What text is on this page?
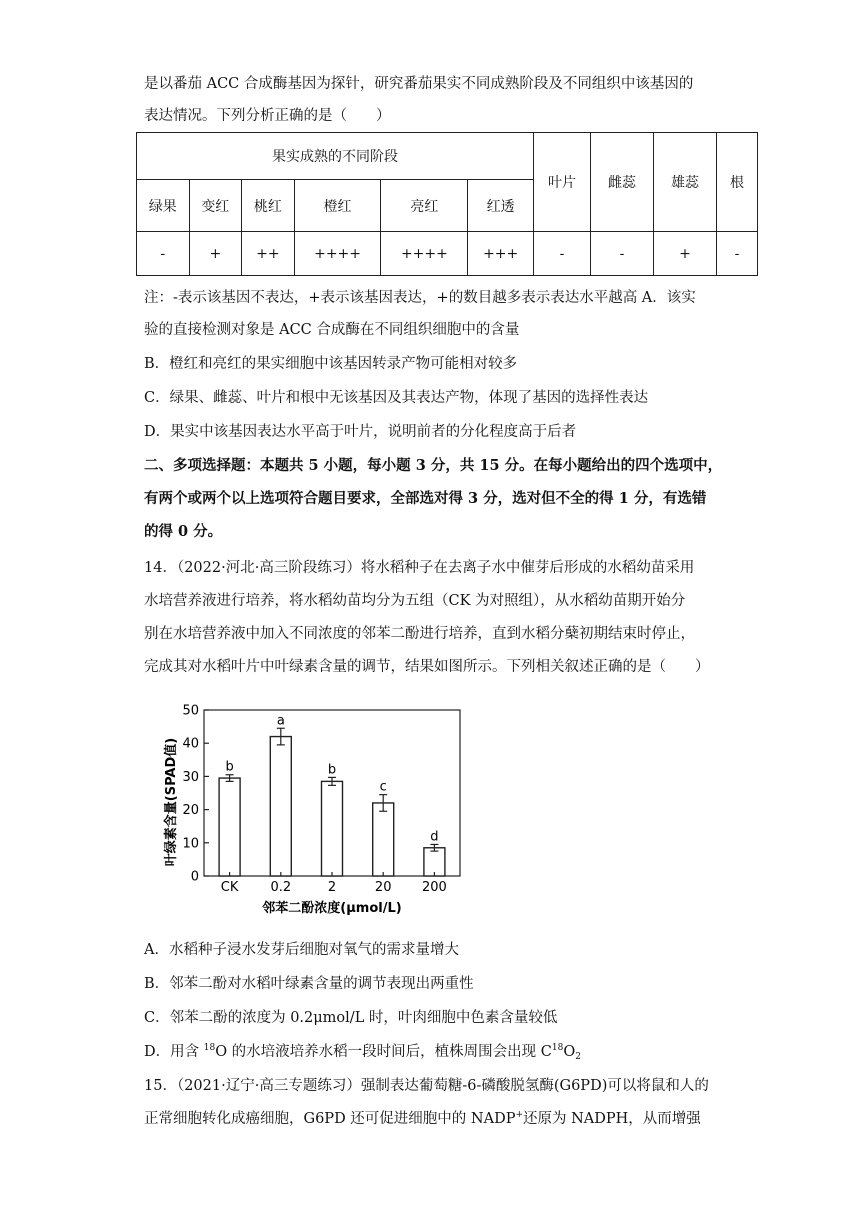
是以番茄 ACC 合成酶基因为探针，研究番茄果实不同成熟阶段及不同组织中该基因的
表达情况。下列分析正确的是（　　）
果实成熟的不同阶段						叶片	雌蕊	雄蕊	根
绿果	变红	桃红	橙红	亮红	红透				
-	+	++	++++	++++	+++	-	-	+	-
注：-表示该基因不表达，+表示该基因表达，+的数目越多表示表达水平越高 A．该实
验的直接检测对象是 ACC 合成酶在不同组织细胞中的含量
B．橙红和亮红的果实细胞中该基因转录产物可能相对较多
C．绿果、雌蕊、叶片和根中无该基因及其表达产物，体现了基因的选择性表达
D．果实中该基因表达水平高于叶片，说明前者的分化程度高于后者
二、多项选择题：本题共 5 小题，每小题 3 分，共 15 分。在每小题给出的四个选项中，
有两个或两个以上选项符合题目要求，全部选对得 3 分，选对但不全的得 1 分，有选错
的得 0 分。
14．（2022·河北·高三阶段练习）将水稻种子在去离子水中催芽后形成的水稻幼苗采用
水培营养液进行培养，将水稻幼苗均分为五组（CK 为对照组），从水稻幼苗期开始分
别在水培营养液中加入不同浓度的邻苯二酚进行培养，直到水稻分蘖初期结束时停止，
完成其对水稻叶片中叶绿素含量的调节，结果如图所示。下列相关叙述正确的是（　　）
叶绿素含量(SPAD值)
0
10
20
30
40
50
b
a
b
c
d
CK 0.2	2	20 200
邻苯二酚浓度(μmol/L)
A．水稻种子浸水发芽后细胞对氧气的需求量增大
B．邻苯二酚对水稻叶绿素含量的调节表现出两重性
C．邻苯二酚的浓度为 0.2μmol/L 时，叶肉细胞中色素含量较低
D．用含 $^{18}$O 的水培液培养水稻一段时间后，植株周围会出现 $C^{18}O_2$
15．（2021·辽宁·高三专题练习）强制表达葡萄糖-6-磷酸脱氢酶(G6PD)可以将鼠和人的
正常细胞转化成癌细胞，G6PD 还可促进细胞中的 NADP+还原为 NADPH，从而增强
